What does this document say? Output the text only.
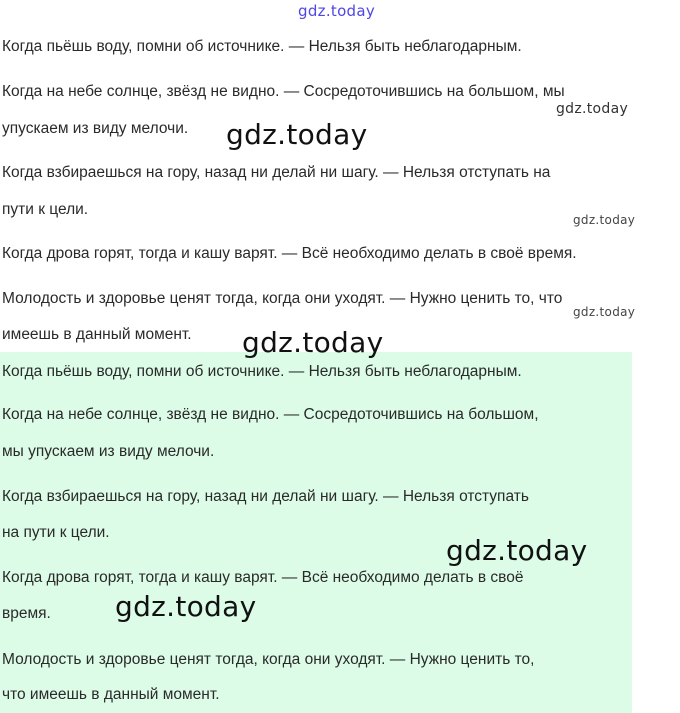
gdz.today
Когда пьёшь воду, помни об источнике. — Нельзя быть неблагодарным.
Когда на небе солнце, звёзд не видно. — Сосредоточившись на большом, мы
упускаем из виду мелочи.
Когда взбираешься на гору, назад ни делай ни шагу. — Нельзя отступать на
пути к цели.
Когда дрова горят, тогда и кашу варят. — Всё необходимо делать в своё время.
Молодость и здоровье ценят тогда, когда они уходят. — Нужно ценить то, что
имеешь в данный момент.
Когда пьёшь воду, помни об источнике. — Нельзя быть неблагодарным.
Когда на небе солнце, звёзд не видно. — Сосредоточившись на большом,
мы упускаем из виду мелочи.
Когда взбираешься на гору, назад ни делай ни шагу. — Нельзя отступать
на пути к цели.
Когда дрова горят, тогда и кашу варят. — Всё необходимо делать в своё
время.
Молодость и здоровье ценят тогда, когда они уходят. — Нужно ценить то,
что имеешь в данный момент.
gdz.today
gdz.today
gdz.today
gdz.today
gdz.today
gdz.today
gdz.today
